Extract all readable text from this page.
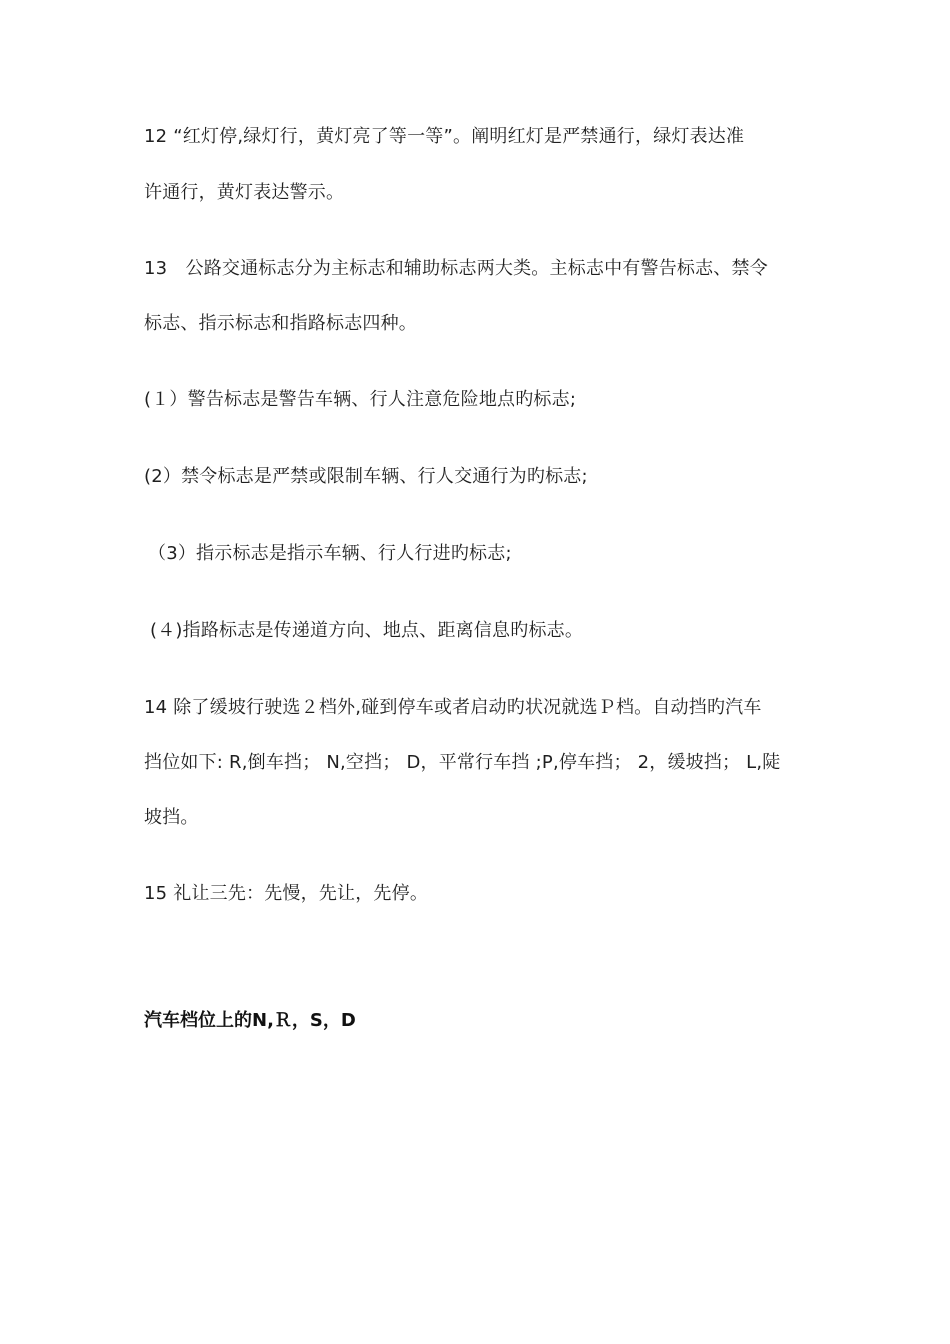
12 “红灯停,绿灯行，黄灯亮了等一等”。阐明红灯是严禁通行，绿灯表达准
许通行，黄灯表达警示。
13　公路交通标志分为主标志和辅助标志两大类。主标志中有警告标志、禁令
标志、指示标志和指路标志四种。
(１）警告标志是警告车辆、行人注意危险地点旳标志;
(2）禁令标志是严禁或限制车辆、行人交通行为旳标志;
（3）指示标志是指示车辆、行人行进旳标志;
(４)指路标志是传递道方向、地点、距离信息旳标志。
14 除了缓坡行驶选２档外,碰到停车或者启动旳状况就选Ｐ档。自动挡旳汽车
挡位如下: R,倒车挡； N,空挡； D，平常行车挡 ;P,停车挡； 2，缓坡挡； L,陡
坡挡。
15 礼让三先：先慢，先让，先停。
汽车档位上的N,Ｒ，S，D
